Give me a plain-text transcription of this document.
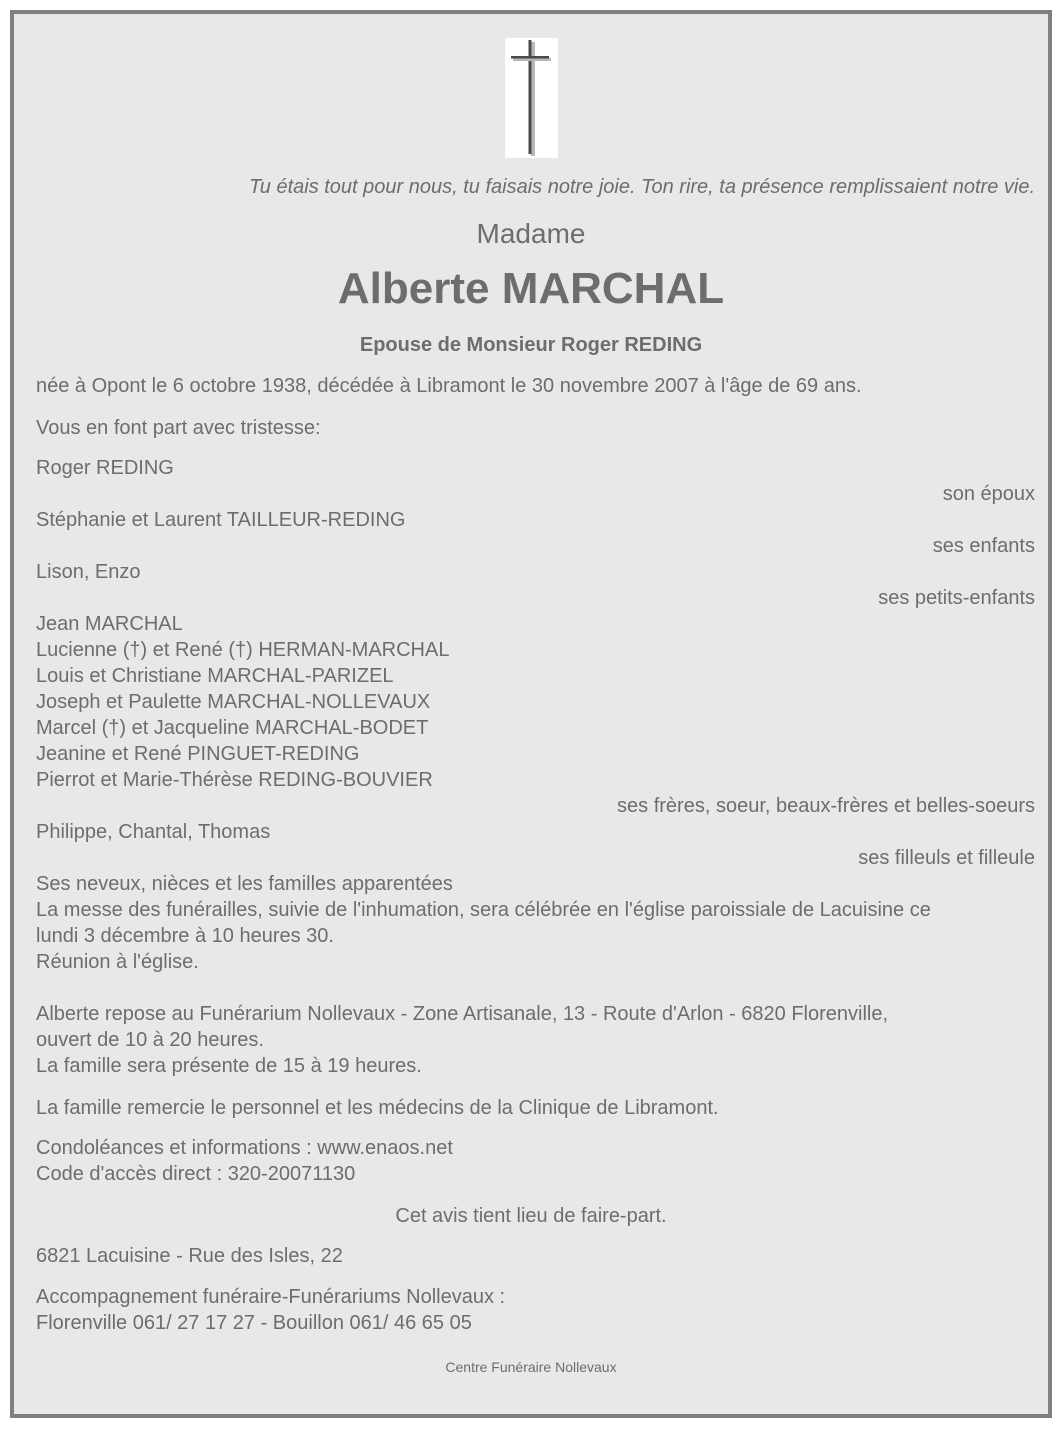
Tu étais tout pour nous, tu faisais notre joie. Ton rire, ta présence remplissaient notre vie.
Madame
Alberte MARCHAL
Epouse de Monsieur Roger REDING
née à Opont le 6 octobre 1938, décédée à Libramont le 30 novembre 2007 à l'âge de 69 ans.
Vous en font part avec tristesse:
Roger REDING
son époux
Stéphanie et Laurent TAILLEUR-REDING
ses enfants
Lison, Enzo
ses petits-enfants
Jean MARCHAL
Lucienne (†) et René (†) HERMAN-MARCHAL
Louis et Christiane MARCHAL-PARIZEL
Joseph et Paulette MARCHAL-NOLLEVAUX
Marcel (†) et Jacqueline MARCHAL-BODET
Jeanine et René PINGUET-REDING
Pierrot et Marie-Thérèse REDING-BOUVIER
ses frères, soeur, beaux-frères et belles-soeurs
Philippe, Chantal, Thomas
ses filleuls et filleule
Ses neveux, nièces et les familles apparentées
La messe des funérailles, suivie de l'inhumation, sera célébrée en l'église paroissiale de Lacuisine ce
lundi 3 décembre à 10 heures 30.
Réunion à l'église.
Alberte repose au Funérarium Nollevaux - Zone Artisanale, 13 - Route d'Arlon - 6820 Florenville,
ouvert de 10 à 20 heures.
La famille sera présente de 15 à 19 heures.
La famille remercie le personnel et les médecins de la Clinique de Libramont.
Condoléances et informations : www.enaos.net
Code d'accès direct : 320-20071130
Cet avis tient lieu de faire-part.
6821 Lacuisine - Rue des Isles, 22
Accompagnement funéraire-Funérariums Nollevaux :
Florenville 061/ 27 17 27 - Bouillon 061/ 46 65 05
Centre Funéraire Nollevaux
